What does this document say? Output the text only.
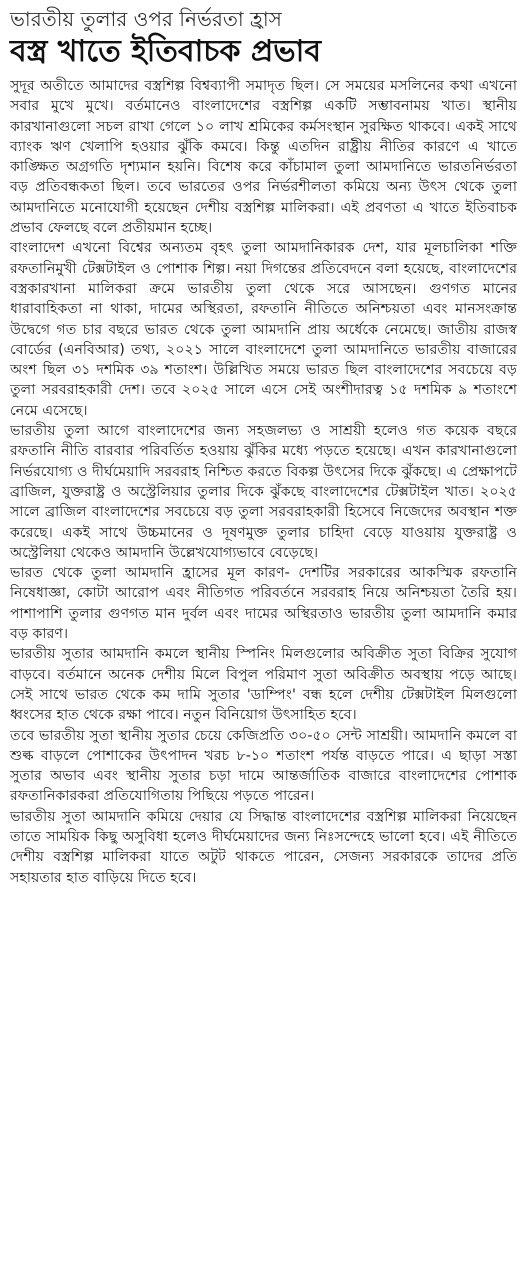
ভারতীয় তুলার ওপর নির্ভরতা হ্রাস
বস্ত্র খাতে ইতিবাচক প্রভাব

সুদূর অতীতে আমাদের বস্ত্রশিল্প বিশ্বব্যাপী সমাদৃত ছিল। সে সময়ের মসলিনের কথা এখনো সবার মুখে মুখে। বর্তমানেও বাংলাদেশের বস্ত্রশিল্প একটি সম্ভাবনাময় খাত। স্থানীয় কারখানাগুলো সচল রাখা গেলে ১০ লাখ শ্রমিকের কর্মসংস্থান সুরক্ষিত থাকবে। একই সাথে ব্যাংক ঋণ খেলাপি হওয়ার ঝুঁকি কমবে। কিন্তু এতদিন রাষ্ট্রীয় নীতির কারণে এ খাতে কাঙ্ক্ষিত অগ্রগতি দৃশ্যমান হয়নি। বিশেষ করে কাঁচামাল তুলা আমদানিতে ভারতনির্ভরতা বড় প্রতিবন্ধকতা ছিল। তবে ভারতের ওপর নির্ভরশীলতা কমিয়ে অন্য উৎস থেকে তুলা আমদানিতে মনোযোগী হয়েছেন দেশীয় বস্ত্রশিল্প মালিকরা। এই প্রবণতা এ খাতে ইতিবাচক প্রভাব ফেলছে বলে প্রতীয়মান হচ্ছে।

বাংলাদেশ এখনো বিশ্বের অন্যতম বৃহৎ তুলা আমদানিকারক দেশ, যার মূলচালিকা শক্তি রফতানিমুখী টেক্সটাইল ও পোশাক শিল্প। নয়া দিগন্তের প্রতিবেদনে বলা হয়েছে, বাংলাদেশের বস্ত্রকারখানা মালিকরা ক্রমে ভারতীয় তুলা থেকে সরে আসছেন। গুণগত মানের ধারাবাহিকতা না থাকা, দামের অস্থিরতা, রফতানি নীতিতে অনিশ্চয়তা এবং মানসংক্রান্ত উদ্বেগে গত চার বছরে ভারত থেকে তুলা আমদানি প্রায় অর্ধেকে নেমেছে। জাতীয় রাজস্ব বোর্ডের (এনবিআর) তথ্য, ২০২১ সালে বাংলাদেশে তুলা আমদানিতে ভারতীয় বাজারের অংশ ছিল ৩১ দশমিক ৩৯ শতাংশ। উল্লিখিত সময়ে ভারত ছিল বাংলাদেশের সবচেয়ে বড় তুলা সরবরাহকারী দেশ। তবে ২০২৫ সালে এসে সেই অংশীদারত্ব ১৫ দশমিক ৯ শতাংশে নেমে এসেছে।

ভারতীয় তুলা আগে বাংলাদেশের জন্য সহজলভ্য ও সাশ্রয়ী হলেও গত কয়েক বছরে রফতানি নীতি বারবার পরিবর্তিত হওয়ায় ঝুঁকির মধ্যে পড়তে হয়েছে। এখন কারখানাগুলো নির্ভরযোগ্য ও দীর্ঘমেয়াদি সরবরাহ নিশ্চিত করতে বিকল্প উৎসের দিকে ঝুঁকছে। এ প্রেক্ষাপটে ব্রাজিল, যুক্তরাষ্ট্র ও অস্ট্রেলিয়ার তুলার দিকে ঝুঁকছে বাংলাদেশের টেক্সটাইল খাত। ২০২৫ সালে ব্রাজিল বাংলাদেশের সবচেয়ে বড় তুলা সরবরাহকারী হিসেবে নিজেদের অবস্থান শক্ত করেছে। একই সাথে উচ্চমানের ও দূষণমুক্ত তুলার চাহিদা বেড়ে যাওয়ায় যুক্তরাষ্ট্র ও অস্ট্রেলিয়া থেকেও আমদানি উল্লেখযোগ্যভাবে বেড়েছে।

ভারত থেকে তুলা আমদানি হ্রাসের মূল কারণ- দেশটির সরকারের আকস্মিক রফতানি নিষেধাজ্ঞা, কোটা আরোপ এবং নীতিগত পরিবর্তনে সরবরাহ নিয়ে অনিশ্চয়তা তৈরি হয়। পাশাপাশি তুলার গুণগত মান দুর্বল এবং দামের অস্থিরতাও ভারতীয় তুলা আমদানি কমার বড় কারণ।

ভারতীয় সুতার আমদানি কমলে স্থানীয় স্পিনিং মিলগুলোর অবিক্রীত সুতা বিক্রির সুযোগ বাড়বে। বর্তমানে অনেক দেশীয় মিলে বিপুল পরিমাণ সুতা অবিক্রীত অবস্থায় পড়ে আছে। সেই সাথে ভারত থেকে কম দামি সুতার 'ডাম্পিং' বন্ধ হলে দেশীয় টেক্সটাইল মিলগুলো ধ্বংসের হাত থেকে রক্ষা পাবে। নতুন বিনিয়োগ উৎসাহিত হবে।

তবে ভারতীয় সুতা স্থানীয় সুতার চেয়ে কেজিপ্রতি ৩০-৫০ সেন্ট সাশ্রয়ী। আমদানি কমলে বা শুল্ক বাড়লে পোশাকের উৎপাদন খরচ ৮-১০ শতাংশ পর্যন্ত বাড়তে পারে। এ ছাড়া সস্তা সুতার অভাব এবং স্থানীয় সুতার চড়া দামে আন্তর্জাতিক বাজারে বাংলাদেশের পোশাক রফতানিকারকরা প্রতিযোগিতায় পিছিয়ে পড়তে পারেন।

ভারতীয় সুতা আমদানি কমিয়ে দেয়ার যে সিদ্ধান্ত বাংলাদেশের বস্ত্রশিল্প মালিকরা নিয়েছেন তাতে সাময়িক কিছু অসুবিধা হলেও দীর্ঘমেয়াদের জন্য নিঃসন্দেহে ভালো হবে। এই নীতিতে দেশীয় বস্ত্রশিল্প মালিকরা যাতে অটুট থাকতে পারেন, সেজন্য সরকারকে তাদের প্রতি সহায়তার হাত বাড়িয়ে দিতে হবে।
